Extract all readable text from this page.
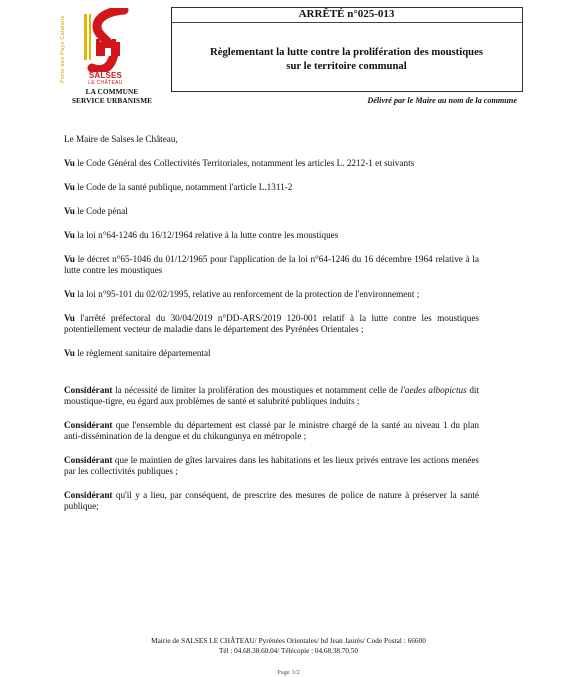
Porte des Pays Catalans	SALSES
LE CHÂTEAU
LA COMMUNE
SERVICE URBANISME
ARRÊTÉ n°025-013
Règlementant la lutte contre la prolifération des moustiques
sur le territoire communal
Délivré par le Maire au nom de la commune

Le Maire de Salses le Château,

Vu le Code Général des Collectivités Territoriales, notamment les articles L. 2212-1 et suivants

Vu le Code de la santé publique, notamment l'article L.1311-2

Vu le Code pénal

Vu la loi n°64-1246 du 16/12/1964 relative à la lutte contre les moustiques

Vu le décret n°65-1046 du 01/12/1965 pour l'application de la loi n°64-1246 du 16 décembre 1964 relative à la lutte contre les moustiques

Vu la loi n°95-101 du 02/02/1995, relative au renforcement de la protection de l'environnement ;

Vu l'arrêté préfectoral du 30/04/2019 n°DD-ARS/2019 120-001 relatif à la lutte contre les moustiques potentiellement vecteur de maladie dans le département des Pyrénées Orientales ;

Vu le règlement sanitaire départemental

Considérant la nécessité de limiter la prolifération des moustiques et notamment celle de l'aedes albopictus dit moustique-tigre, eu égard aux problèmes de santé et salubrité publiques induits ;

Considérant que l'ensemble du département est classé par le ministre chargé de la santé au niveau 1 du plan anti-dissémination de la dengue et du chikungunya en métropole ;

Considérant que le maintien de gîtes larvaires dans les habitations et les lieux privés entrave les actions menées par les collectivités publiques ;

Considérant qu'il y a lieu, par conséquent, de prescrire des mesures de police de nature à préserver la santé publique;

Mairie de SALSES LE CHÂTEAU/ Pyrénées Orientales/ bd Jean Jaurès/ Code Postal : 66600
Tél : 04.68.38.60.04/ Télécopie : 04.68.38.70.50
Page 1/2
